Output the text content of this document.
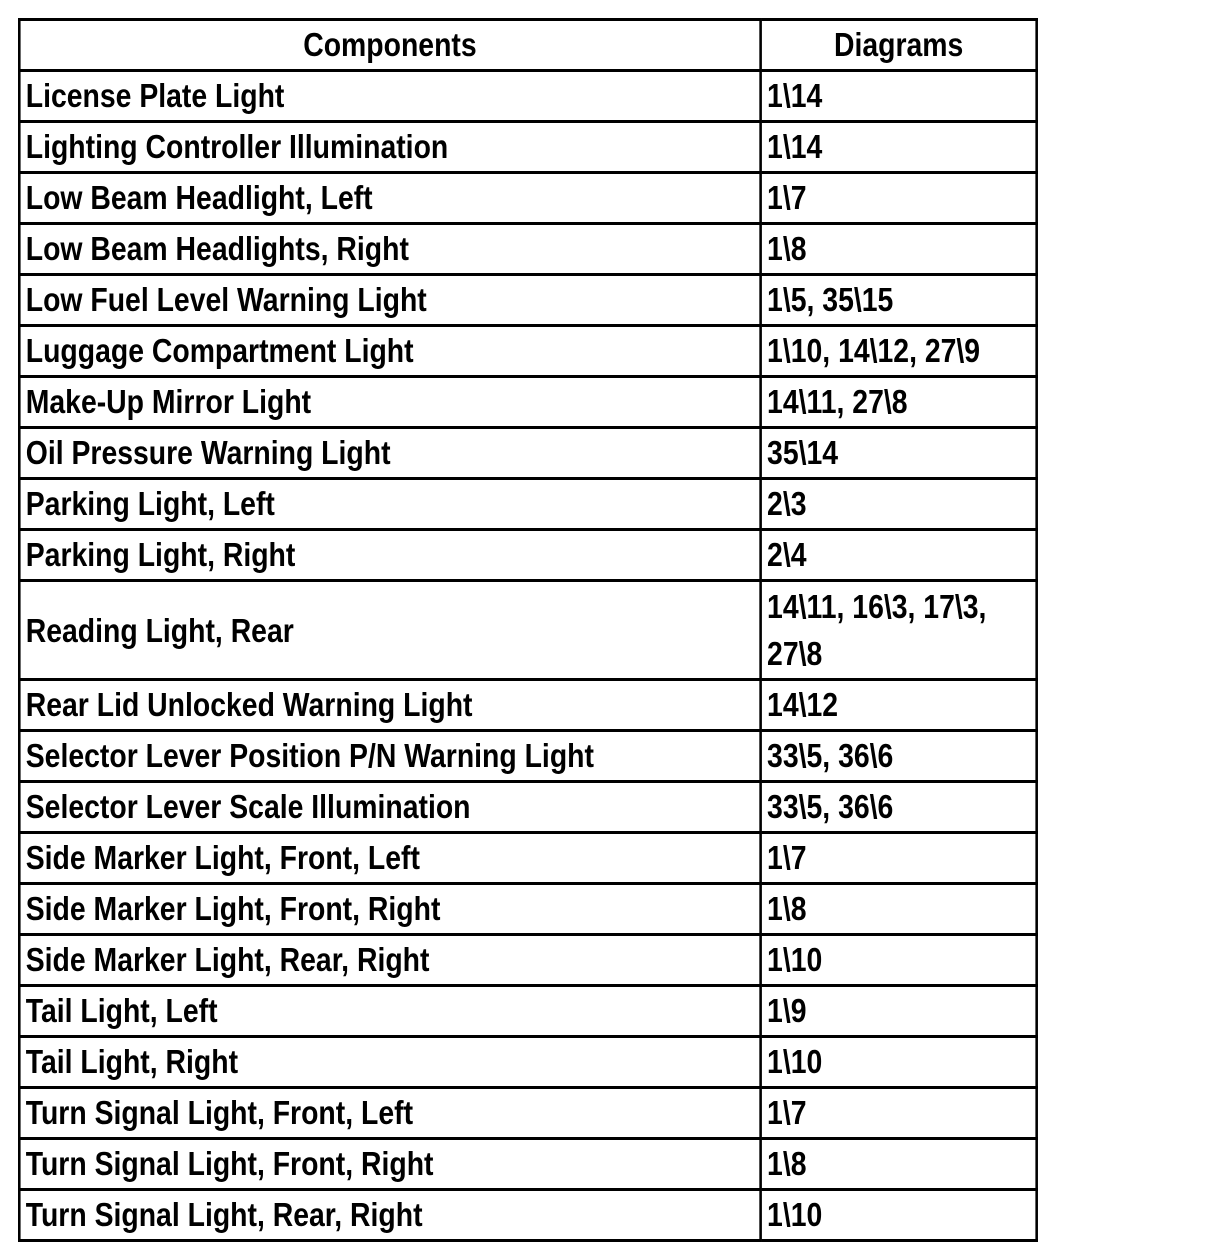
Components	Diagrams
License Plate Light	1\14
Lighting Controller Illumination	1\14
Low Beam Headlight, Left	1\7
Low Beam Headlights, Right	1\8
Low Fuel Level Warning Light	1\5, 35\15
Luggage Compartment Light	1\10, 14\12, 27\9
Make-Up Mirror Light	14\11, 27\8
Oil Pressure Warning Light	35\14
Parking Light, Left	2\3
Parking Light, Right	2\4
Reading Light, Rear	14\11, 16\3, 17\3, 27\8
Rear Lid Unlocked Warning Light	14\12
Selector Lever Position P/N Warning Light	33\5, 36\6
Selector Lever Scale Illumination	33\5, 36\6
Side Marker Light, Front, Left	1\7
Side Marker Light, Front, Right	1\8
Side Marker Light, Rear, Right	1\10
Tail Light, Left	1\9
Tail Light, Right	1\10
Turn Signal Light, Front, Left	1\7
Turn Signal Light, Front, Right	1\8
Turn Signal Light, Rear, Right	1\10
